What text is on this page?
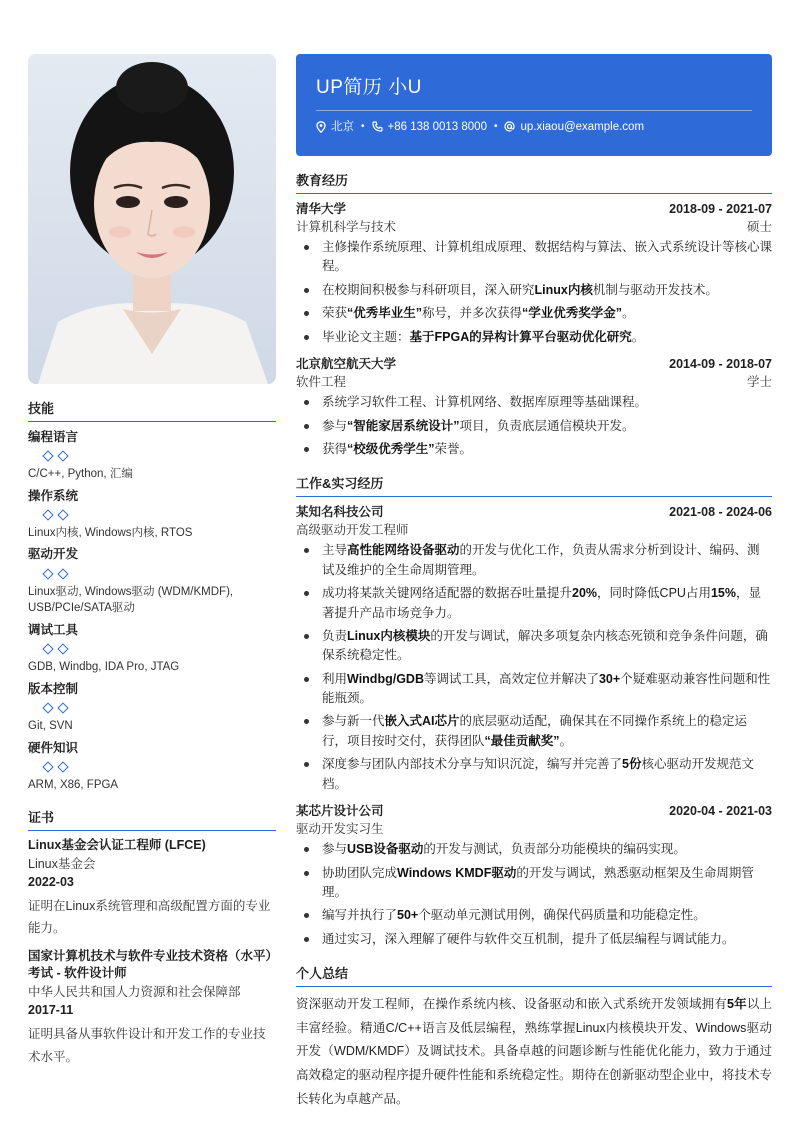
技能
编程语言
C/C++, Python, 汇编
操作系统
Linux内核, Windows内核, RTOS
驱动开发
Linux驱动, Windows驱动 (WDM/KMDF), USB/PCIe/SATA驱动
调试工具
GDB, Windbg, IDA Pro, JTAG
版本控制
Git, SVN
硬件知识
ARM, X86, FPGA
证书
Linux基金会认证工程师 (LFCE)
Linux基金会
2022-03
证明在Linux系统管理和高级配置方面的专业能力。
国家计算机技术与软件专业技术资格（水平）考试 - 软件设计师
中华人民共和国人力资源和社会保障部
2017-11
证明具备从事软件设计和开发工作的专业技术水平。
UP简历 小U
北京 • +86 138 0013 8000 • up.xiaou@example.com
教育经历
清华大学	2018-09 - 2021-07
计算机科学与技术	硕士
主修操作系统原理、计算机组成原理、数据结构与算法、嵌入式系统设计等核心课程。
在校期间积极参与科研项目，深入研究Linux内核机制与驱动开发技术。
荣获“优秀毕业生”称号，并多次获得“学业优秀奖学金”。
毕业论文主题：基于FPGA的异构计算平台驱动优化研究。
北京航空航天大学	2014-09 - 2018-07
软件工程	学士
系统学习软件工程、计算机网络、数据库原理等基础课程。
参与“智能家居系统设计”项目，负责底层通信模块开发。
获得“校级优秀学生”荣誉。
工作&实习经历
某知名科技公司	2021-08 - 2024-06
高级驱动开发工程师
主导高性能网络设备驱动的开发与优化工作，负责从需求分析到设计、编码、测试及维护的全生命周期管理。
成功将某款关键网络适配器的数据吞吐量提升20%，同时降低CPU占用15%，显著提升产品市场竞争力。
负责Linux内核模块的开发与调试，解决多项复杂内核态死锁和竞争条件问题，确保系统稳定性。
利用Windbg/GDB等调试工具，高效定位并解决了30+个疑难驱动兼容性问题和性能瓶颈。
参与新一代嵌入式AI芯片的底层驱动适配，确保其在不同操作系统上的稳定运行，项目按时交付，获得团队“最佳贡献奖”。
深度参与团队内部技术分享与知识沉淀，编写并完善了5份核心驱动开发规范文档。
某芯片设计公司	2020-04 - 2021-03
驱动开发实习生
参与USB设备驱动的开发与测试，负责部分功能模块的编码实现。
协助团队完成Windows KMDF驱动的开发与调试，熟悉驱动框架及生命周期管理。
编写并执行了50+个驱动单元测试用例，确保代码质量和功能稳定性。
通过实习，深入理解了硬件与软件交互机制，提升了低层编程与调试能力。
个人总结
资深驱动开发工程师，在操作系统内核、设备驱动和嵌入式系统开发领域拥有5年以上丰富经验。精通C/C++语言及低层编程，熟练掌握Linux内核模块开发、Windows驱动开发（WDM/KMDF）及调试技术。具备卓越的问题诊断与性能优化能力，致力于通过高效稳定的驱动程序提升硬件性能和系统稳定性。期待在创新驱动型企业中，将技术专长转化为卓越产品。
